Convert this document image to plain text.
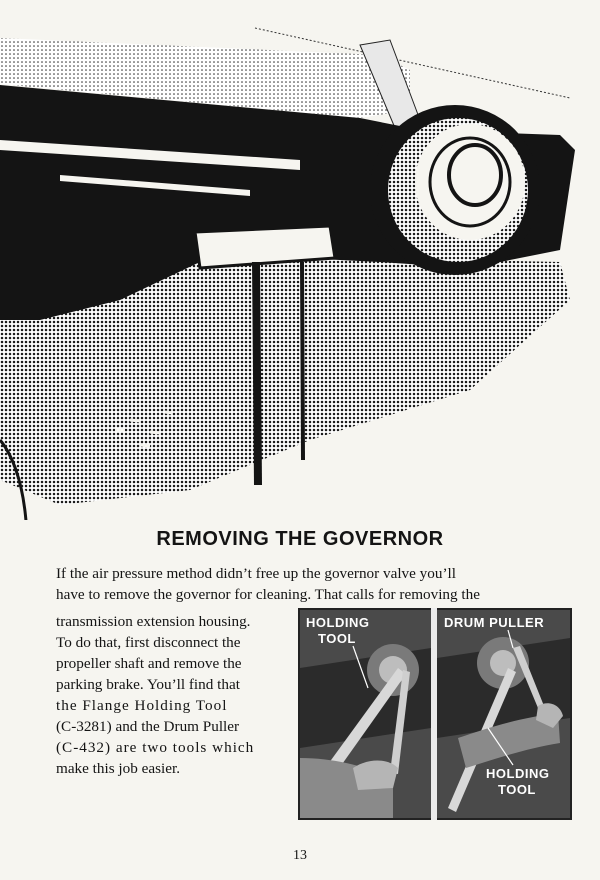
REMOVING THE GOVERNOR

If the air pressure method didn’t free up the governor valve you’ll
have to remove the governor for cleaning. That calls for removing the

transmission extension housing.
To do that, first disconnect the
propeller shaft and remove the
parking brake. You’ll find that
the Flange Holding Tool
(C-3281) and the Drum Puller
(C-432) are two tools which
make this job easier.

HOLDING
TOOL
DRUM PULLER
HOLDING
TOOL

13
